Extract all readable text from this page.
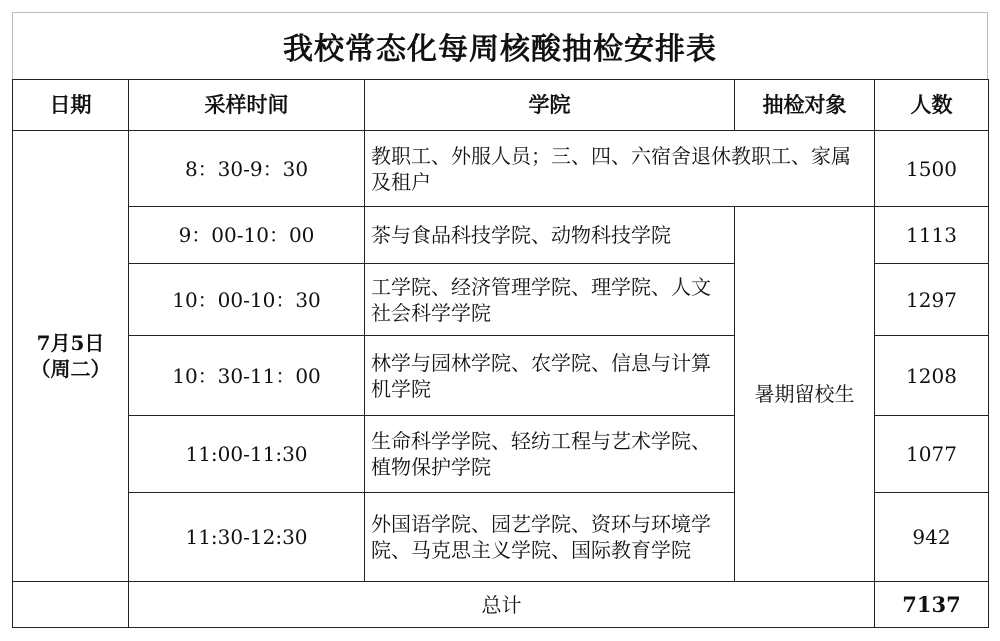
我校常态化每周核酸抽检安排表
日期	采样时间	学院	抽检对象	人数

7月5日
（周二）	8：30-9：30	教职工、外服人员；三、四、六宿舍退休教职工、家属及租户		1500
	9：00-10：00	茶与食品科技学院、动物科技学院	暑期留校生	1113
	10：00-10：30	工学院、经济管理学院、理学院、人文社会科学学院		1297
	10：30-11：00	林学与园林学院、农学院、信息与计算机学院		1208
	11:00-11:30	生命科学学院、轻纺工程与艺术学院、植物保护学院		1077
	11:30-12:30	外国语学院、园艺学院、资环与环境学院、马克思主义学院、国际教育学院		942
	总计			7137
